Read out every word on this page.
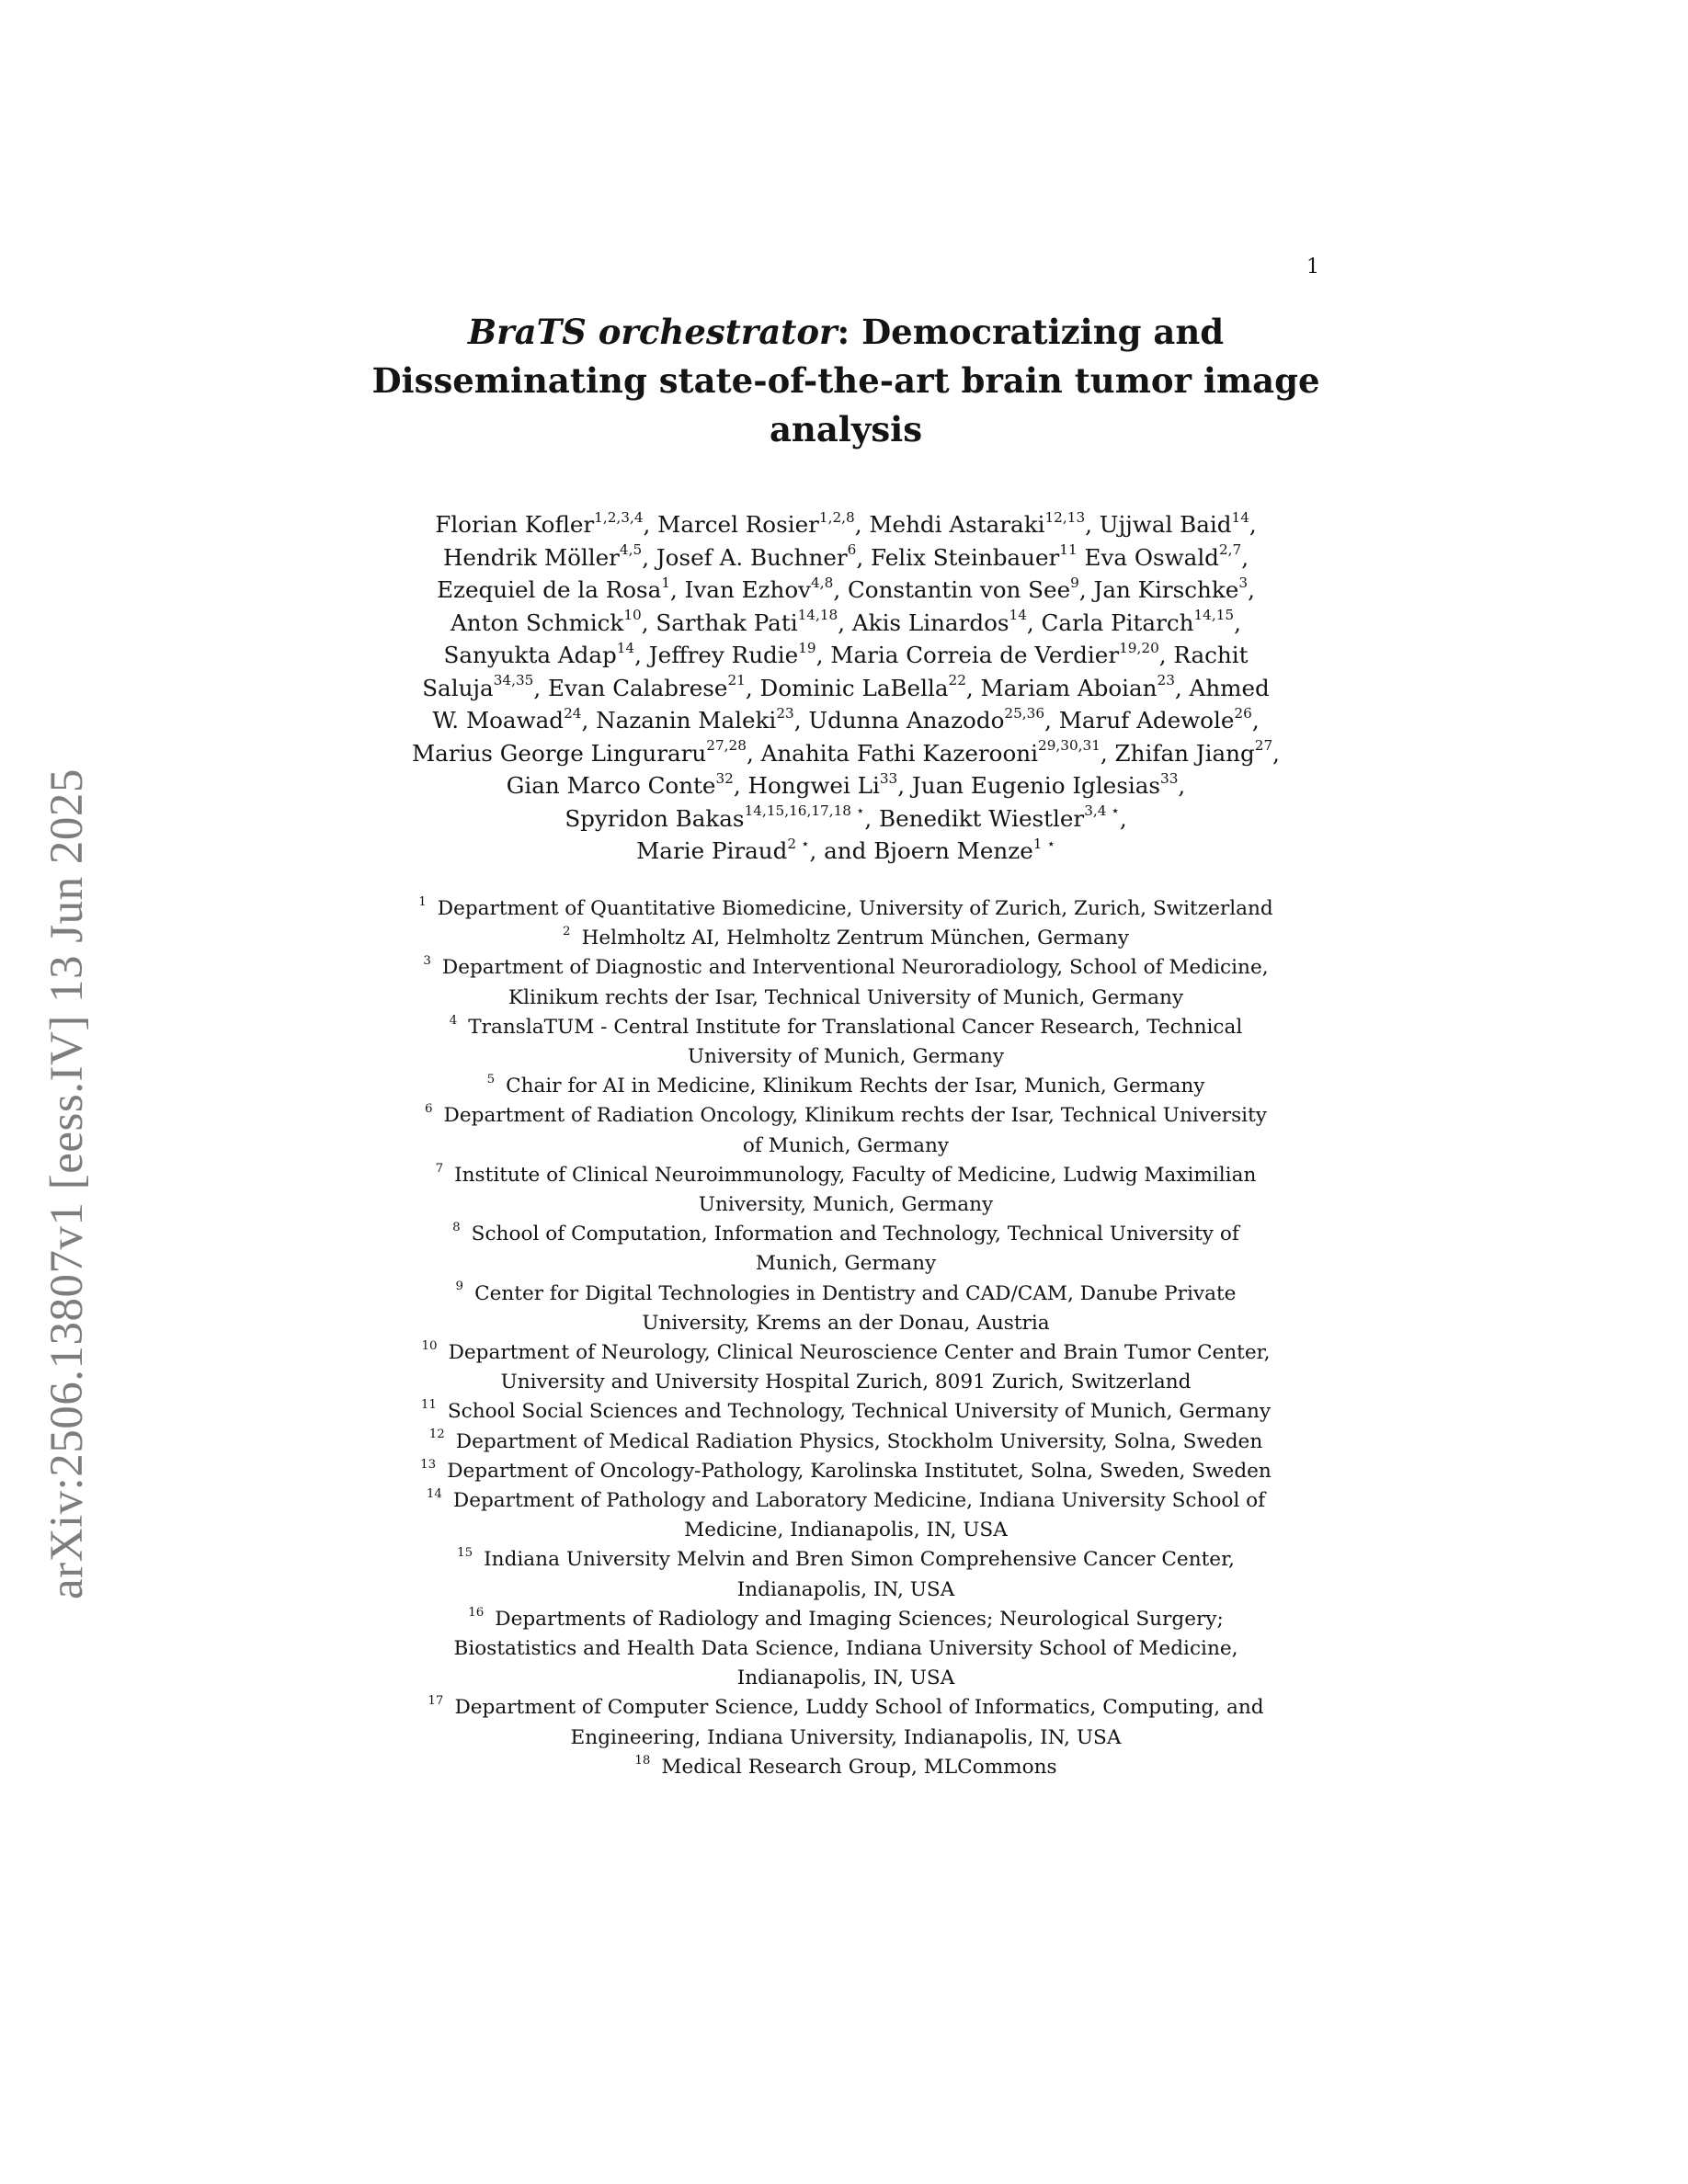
1
arXiv:2506.13807v1 [eess.IV] 13 Jun 2025
BraTS orchestrator: Democratizing and
Disseminating state-of-the-art brain tumor image
analysis
Florian Kofler$^{1,2,3,4}$, Marcel Rosier$^{1,2,8}$, Mehdi Astaraki$^{12,13}$, Ujjwal Baid$^{14}$,
Hendrik Möller$^{4,5}$, Josef A. Buchner$^6$, Felix Steinbauer$^{11}$ Eva Oswald$^{2,7}$,
Ezequiel de la Rosa$^1$, Ivan Ezhov$^{4,8}$, Constantin von See$^9$, Jan Kirschke$^3$,
Anton Schmick$^{10}$, Sarthak Pati$^{14,18}$, Akis Linardos$^{14}$, Carla Pitarch$^{14,15}$,
Sanyukta Adap$^{14}$, Jeffrey Rudie$^{19}$, Maria Correia de Verdier$^{19,20}$, Rachit
Saluja$^{34,35}$, Evan Calabrese$^{21}$, Dominic LaBella$^{22}$, Mariam Aboian$^{23}$, Ahmed
W. Moawad$^{24}$, Nazanin Maleki$^{23}$, Udunna Anazodo$^{25,36}$, Maruf Adewole$^{26}$,
Marius George Linguraru$^{27,28}$, Anahita Fathi Kazerooni$^{29,30,31}$, Zhifan Jiang$^{27}$,
Gian Marco Conte$^{32}$, Hongwei Li$^{33}$, Juan Eugenio Iglesias$^{33}$,
Spyridon Bakas$^{14,15,16,17,18 ⋆}$, Benedikt Wiestler$^{3,4 ⋆}$,
Marie Piraud$^{2 ⋆}$, and Bjoern Menze$^{1 ⋆}$
$^1$ Department of Quantitative Biomedicine, University of Zurich, Zurich, Switzerland
$^2$ Helmholtz AI, Helmholtz Zentrum München, Germany
$^3$ Department of Diagnostic and Interventional Neuroradiology, School of Medicine,
Klinikum rechts der Isar, Technical University of Munich, Germany
$^4$ TranslaTUM - Central Institute for Translational Cancer Research, Technical
University of Munich, Germany
$^5$ Chair for AI in Medicine, Klinikum Rechts der Isar, Munich, Germany
$^6$ Department of Radiation Oncology, Klinikum rechts der Isar, Technical University
of Munich, Germany
$^7$ Institute of Clinical Neuroimmunology, Faculty of Medicine, Ludwig Maximilian
University, Munich, Germany
$^8$ School of Computation, Information and Technology, Technical University of
Munich, Germany
$^9$ Center for Digital Technologies in Dentistry and CAD/CAM, Danube Private
University, Krems an der Donau, Austria
$^{10}$ Department of Neurology, Clinical Neuroscience Center and Brain Tumor Center,
University and University Hospital Zurich, 8091 Zurich, Switzerland
$^{11}$ School Social Sciences and Technology, Technical University of Munich, Germany
$^{12}$ Department of Medical Radiation Physics, Stockholm University, Solna, Sweden
$^{13}$ Department of Oncology-Pathology, Karolinska Institutet, Solna, Sweden, Sweden
$^{14}$ Department of Pathology and Laboratory Medicine, Indiana University School of
Medicine, Indianapolis, IN, USA
$^{15}$ Indiana University Melvin and Bren Simon Comprehensive Cancer Center,
Indianapolis, IN, USA
$^{16}$ Departments of Radiology and Imaging Sciences; Neurological Surgery;
Biostatistics and Health Data Science, Indiana University School of Medicine,
Indianapolis, IN, USA
$^{17}$ Department of Computer Science, Luddy School of Informatics, Computing, and
Engineering, Indiana University, Indianapolis, IN, USA
$^{18}$ Medical Research Group, MLCommons
